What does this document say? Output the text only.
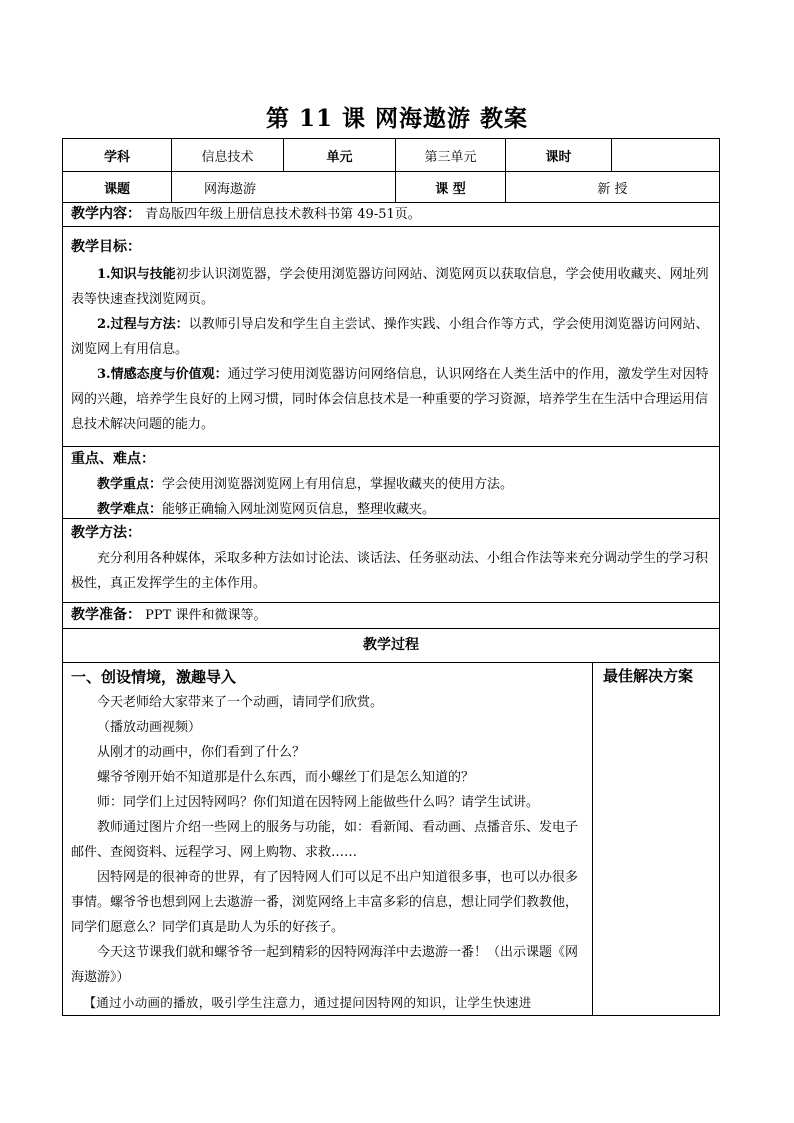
第 11 课 网海遨游 教案
学科	信息技术	单元	第三单元	课时
课题	网海遨游	课 型	新 授
教学内容： 青岛版四年级上册信息技术教科书第 49-51页。
教学目标：

1.知识与技能初步认识浏览器，学会使用浏览器访问网站、浏览网页以获取信息，学会使用收藏夹、网址列表等快速查找浏览网页。

2.过程与方法：以教师引导启发和学生自主尝试、操作实践、小组合作等方式，学会使用浏览器访问网站、浏览网上有用信息。

3.情感态度与价值观：通过学习使用浏览器访问网络信息，认识网络在人类生活中的作用，激发学生对因特网的兴趣，培养学生良好的上网习惯，同时体会信息技术是一种重要的学习资源，培养学生在生活中合理运用信息技术解决问题的能力。

重点、难点：

教学重点：学会使用浏览器浏览网上有用信息，掌握收藏夹的使用方法。

教学难点：能够正确输入网址浏览网页信息，整理收藏夹。

教学方法：

充分利用各种媒体，采取多种方法如讨论法、谈话法、任务驱动法、小组合作法等来充分调动学生的学习积极性，真正发挥学生的主体作用。

教学准备： PPT 课件和微课等。
教学过程
最佳解决方案
一、创设情境，激趣导入

今天老师给大家带来了一个动画，请同学们欣赏。

（播放动画视频）

从刚才的动画中，你们看到了什么？

螺爷爷刚开始不知道那是什么东西，而小螺丝丁们是怎么知道的？

师：同学们上过因特网吗？你们知道在因特网上能做些什么吗？请学生试讲。

教师通过图片介绍一些网上的服务与功能，如：看新闻、看动画、点播音乐、发电子邮件、查阅资料、远程学习、网上购物、求救……

因特网是的很神奇的世界，有了因特网人们可以足不出户知道很多事，也可以办很多事情。螺爷爷也想到网上去遨游一番，浏览网络上丰富多彩的信息，想让同学们教教他，同学们愿意么？同学们真是助人为乐的好孩子。

今天这节课我们就和螺爷爷一起到精彩的因特网海洋中去遨游一番！（出示课题《网海遨游》）

【通过小动画的播放，吸引学生注意力，通过提问因特网的知识，让学生快速进
